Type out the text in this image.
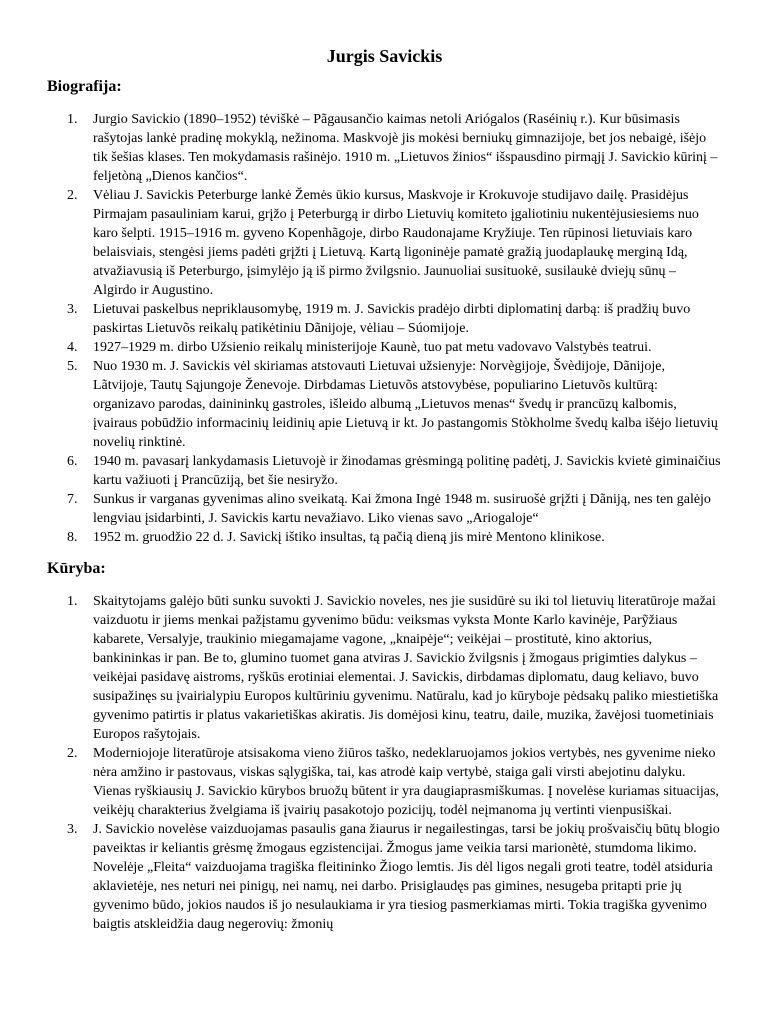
Jurgis Savickis
Biografija:
1.	Jurgio Savickio (1890–1952) tėviškė – Pãgausančio kaimas netoli Ariógalos (Raséinių r.). Kur būsimasis rašytojas lankė pradinę mokyklą, nežinoma. Maskvojè jis mokėsi berniukų gimnazijoje, bet jos nebaigė, išėjo tik šešias klases. Ten mokydamasis rašinėjo. 1910 m. „Lietuvos žinios“ išspausdino pirmąjį J. Savickio kūrinį – feljetòną „Dienos kančios“.
2.	Vėliau J. Savickis Peterburge lankė Žemės ūkio kursus, Maskvoje ir Krokuvoje studijavo dailę. Prasidėjus Pirmajam pasauliniam karui, grįžo į Peterburgą ir dirbo Lietuvių komiteto įgaliotiniu nukentėjusiesiems nuo karo šelpti. 1915–1916 m. gyveno Kopenhãgoje, dirbo Raudonajame Kryžiuje. Ten rūpinosi lietuviais karo belaisviais, stengėsi jiems padėti grįžti į Lietuvą. Kartą ligoninėje pamatė gražią juodaplaukę merginą Idą, atvažiavusią iš Peterburgo, įsimylėjo ją iš pirmo žvilgsnio. Jaunuoliai susituokė, susilaukė dviejų sūnų – Algirdo ir Augustino.
3.	Lietuvai paskelbus nepriklausomybę, 1919 m. J. Savickis pradėjo dirbti diplomatinį darbą: iš pradžių buvo paskirtas Lietuvõs reikalų patikėtiniu Dãnijoje, vėliau – Súomijoje.
4.	1927–1929 m. dirbo Užsienio reikalų ministerijoje Kaunè, tuo pat metu vadovavo Valstybės teatrui.
5.	Nuo 1930 m. J. Savickis vėl skiriamas atstovauti Lietuvai užsienyje: Norvègijoje, Švèdijoje, Dãnijoje, Lãtvijoje, Tautų Sąjungoje Ženevoje. Dirbdamas Lietuvõs atstovybėse, populiarino Lietuvõs kultūrą: organizavo parodas, dainininkų gastroles, išleido albumą „Lietuvos menas“ švedų ir prancūzų kalbomis, įvairaus pobūdžio informacinių leidinių apie Lietuvą ir kt. Jo pastangomis Stòkholme švedų kalba išėjo lietuvių novelių rinktinė.
6.	1940 m. pavasarį lankydamasis Lietuvojè ir žinodamas grėsmingą politinę padėtį, J. Savickis kvietė giminaičius kartu važiuoti į Prancūziją, bet šie nesiryžo.
7.	Sunkus ir varganas gyvenimas alino sveikatą. Kai žmona Ingė 1948 m. susiruošė grįžti į Dãniją, nes ten galėjo lengviau įsidarbinti, J. Savickis kartu nevažiavo. Liko vienas savo „Ariogaloje“
8.	1952 m. gruodžio 22 d. J. Savickį ištiko insultas, tą pačią dieną jis mirė Mentono klinikose.
Kūryba:
1.	Skaitytojams galėjo būti sunku suvokti J. Savickio noveles, nes jie susidūrė su iki tol lietuvių literatūroje mažai vaizduotu ir jiems menkai pažįstamu gyvenimo būdu: veiksmas vyksta Monte Karlo kavinėje, Parỹžiaus kabarete, Versalyje, traukinio miegamajame vagone, „knaipėje“; veikėjai – prostitutė, kino aktorius, bankininkas ir pan. Be to, glumino tuomet gana atviras J. Savickio žvilgsnis į žmogaus prigimties dalykus – veikėjai pasidavę aistroms, ryškūs erotiniai elementai. J. Savickis, dirbdamas diplomatu, daug keliavo, buvo susipažinęs su įvairialypiu Europos kultūriniu gyvenimu. Natūralu, kad jo kūryboje pėdsakų paliko miestietiška gyvenimo patirtis ir platus vakarietiškas akiratis. Jis domėjosi kinu, teatru, daile, muzika, žavėjosi tuometiniais Europos rašytojais.
2.	Moderniojoje literatūroje atsisakoma vieno žiūros taško, nedeklaruojamos jokios vertybės, nes gyvenime nieko nėra amžino ir pastovaus, viskas sąlygiška, tai, kas atrodė kaip vertybė, staiga gali virsti abejotinu dalyku. Vienas ryškiausių J. Savickio kūrybos bruožų būtent ir yra daugiaprasmiškumas. Į novelėse kuriamas situacijas, veikėjų charakterius žvelgiama iš įvairių pasakotojo pozicijų, todėl neįmanoma jų vertinti vienpusiškai.
3.	J. Savickio novelėse vaizduojamas pasaulis gana žiaurus ir negailestingas, tarsi be jokių prošvaisčių būtų blogio paveiktas ir keliantis grėsmę žmogaus egzistencijai. Žmogus jame veikia tarsi marionètė, stumdoma likimo. Novelėje „Fleita“ vaizduojama tragiška fleitininko Žiogo lemtis. Jis dėl ligos negali groti teatre, todėl atsiduria aklavietėje, nes neturi nei pinigų, nei namų, nei darbo. Prisiglaudęs pas gimines, nesugeba pritapti prie jų gyvenimo būdo, jokios naudos iš jo nesulaukiama ir yra tiesiog pasmerkiamas mirti. Tokia tragiška gyvenimo baigtis atskleidžia daug negerovių: žmonių
